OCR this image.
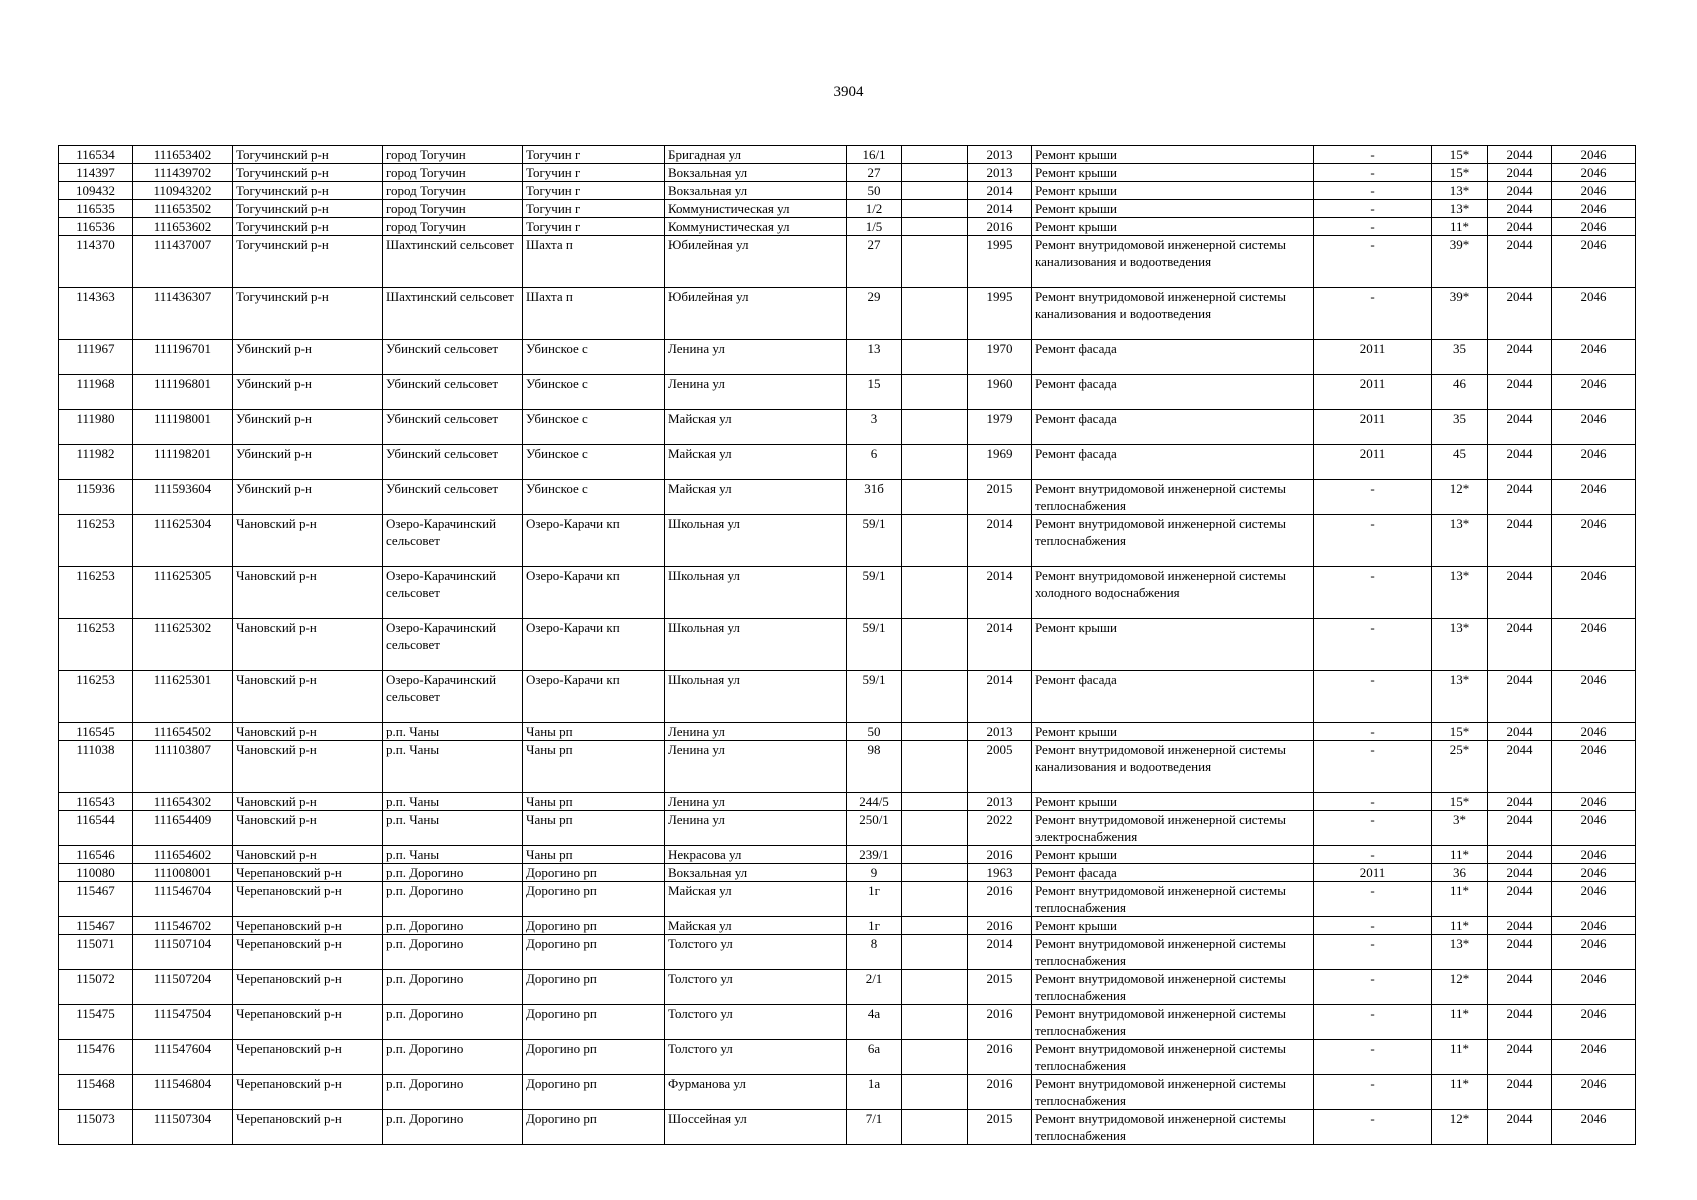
3904
116534	111653402	Тогучинский р-н	город Тогучин	Тогучин г	Бригадная ул	16/1		2013	Ремонт крыши	-	15*	2044	2046
114397	111439702	Тогучинский р-н	город Тогучин	Тогучин г	Вокзальная ул	27		2013	Ремонт крыши	-	15*	2044	2046
109432	110943202	Тогучинский р-н	город Тогучин	Тогучин г	Вокзальная ул	50		2014	Ремонт крыши	-	13*	2044	2046
116535	111653502	Тогучинский р-н	город Тогучин	Тогучин г	Коммунистическая ул	1/2		2014	Ремонт крыши	-	13*	2044	2046
116536	111653602	Тогучинский р-н	город Тогучин	Тогучин г	Коммунистическая ул	1/5		2016	Ремонт крыши	-	11*	2044	2046
114370	111437007	Тогучинский р-н	Шахтинский сельсовет	Шахта п	Юбилейная ул	27		1995	Ремонт внутридомовой инженерной системы канализования и водоотведения	-	39*	2044	2046
114363	111436307	Тогучинский р-н	Шахтинский сельсовет	Шахта п	Юбилейная ул	29		1995	Ремонт внутридомовой инженерной системы канализования и водоотведения	-	39*	2044	2046
111967	111196701	Убинский р-н	Убинский сельсовет	Убинское с	Ленина ул	13		1970	Ремонт фасада	2011	35	2044	2046
111968	111196801	Убинский р-н	Убинский сельсовет	Убинское с	Ленина ул	15		1960	Ремонт фасада	2011	46	2044	2046
111980	111198001	Убинский р-н	Убинский сельсовет	Убинское с	Майская ул	3		1979	Ремонт фасада	2011	35	2044	2046
111982	111198201	Убинский р-н	Убинский сельсовет	Убинское с	Майская ул	6		1969	Ремонт фасада	2011	45	2044	2046
115936	111593604	Убинский р-н	Убинский сельсовет	Убинское с	Майская ул	31б		2015	Ремонт внутридомовой инженерной системы теплоснабжения	-	12*	2044	2046
116253	111625304	Чановский р-н	Озеро-Карачинский сельсовет	Озеро-Карачи кп	Школьная ул	59/1		2014	Ремонт внутридомовой инженерной системы теплоснабжения	-	13*	2044	2046
116253	111625305	Чановский р-н	Озеро-Карачинский сельсовет	Озеро-Карачи кп	Школьная ул	59/1		2014	Ремонт внутридомовой инженерной системы холодного водоснабжения	-	13*	2044	2046
116253	111625302	Чановский р-н	Озеро-Карачинский сельсовет	Озеро-Карачи кп	Школьная ул	59/1		2014	Ремонт крыши	-	13*	2044	2046
116253	111625301	Чановский р-н	Озеро-Карачинский сельсовет	Озеро-Карачи кп	Школьная ул	59/1		2014	Ремонт фасада	-	13*	2044	2046
116545	111654502	Чановский р-н	р.п. Чаны	Чаны рп	Ленина ул	50		2013	Ремонт крыши	-	15*	2044	2046
111038	111103807	Чановский р-н	р.п. Чаны	Чаны рп	Ленина ул	98		2005	Ремонт внутридомовой инженерной системы канализования и водоотведения	-	25*	2044	2046
116543	111654302	Чановский р-н	р.п. Чаны	Чаны рп	Ленина ул	244/5		2013	Ремонт крыши	-	15*	2044	2046
116544	111654409	Чановский р-н	р.п. Чаны	Чаны рп	Ленина ул	250/1		2022	Ремонт внутридомовой инженерной системы электроснабжения	-	3*	2044	2046
116546	111654602	Чановский р-н	р.п. Чаны	Чаны рп	Некрасова ул	239/1		2016	Ремонт крыши	-	11*	2044	2046
110080	111008001	Черепановский р-н	р.п. Дорогино	Дорогино рп	Вокзальная ул	9		1963	Ремонт фасада	2011	36	2044	2046
115467	111546704	Черепановский р-н	р.п. Дорогино	Дорогино рп	Майская ул	1г		2016	Ремонт внутридомовой инженерной системы теплоснабжения	-	11*	2044	2046
115467	111546702	Черепановский р-н	р.п. Дорогино	Дорогино рп	Майская ул	1г		2016	Ремонт крыши	-	11*	2044	2046
115071	111507104	Черепановский р-н	р.п. Дорогино	Дорогино рп	Толстого ул	8		2014	Ремонт внутридомовой инженерной системы теплоснабжения	-	13*	2044	2046
115072	111507204	Черепановский р-н	р.п. Дорогино	Дорогино рп	Толстого ул	2/1		2015	Ремонт внутридомовой инженерной системы теплоснабжения	-	12*	2044	2046
115475	111547504	Черепановский р-н	р.п. Дорогино	Дорогино рп	Толстого ул	4а		2016	Ремонт внутридомовой инженерной системы теплоснабжения	-	11*	2044	2046
115476	111547604	Черепановский р-н	р.п. Дорогино	Дорогино рп	Толстого ул	6а		2016	Ремонт внутридомовой инженерной системы теплоснабжения	-	11*	2044	2046
115468	111546804	Черепановский р-н	р.п. Дорогино	Дорогино рп	Фурманова ул	1а		2016	Ремонт внутридомовой инженерной системы теплоснабжения	-	11*	2044	2046
115073	111507304	Черепановский р-н	р.п. Дорогино	Дорогино рп	Шоссейная ул	7/1		2015	Ремонт внутридомовой инженерной системы теплоснабжения	-	12*	2044	2046
